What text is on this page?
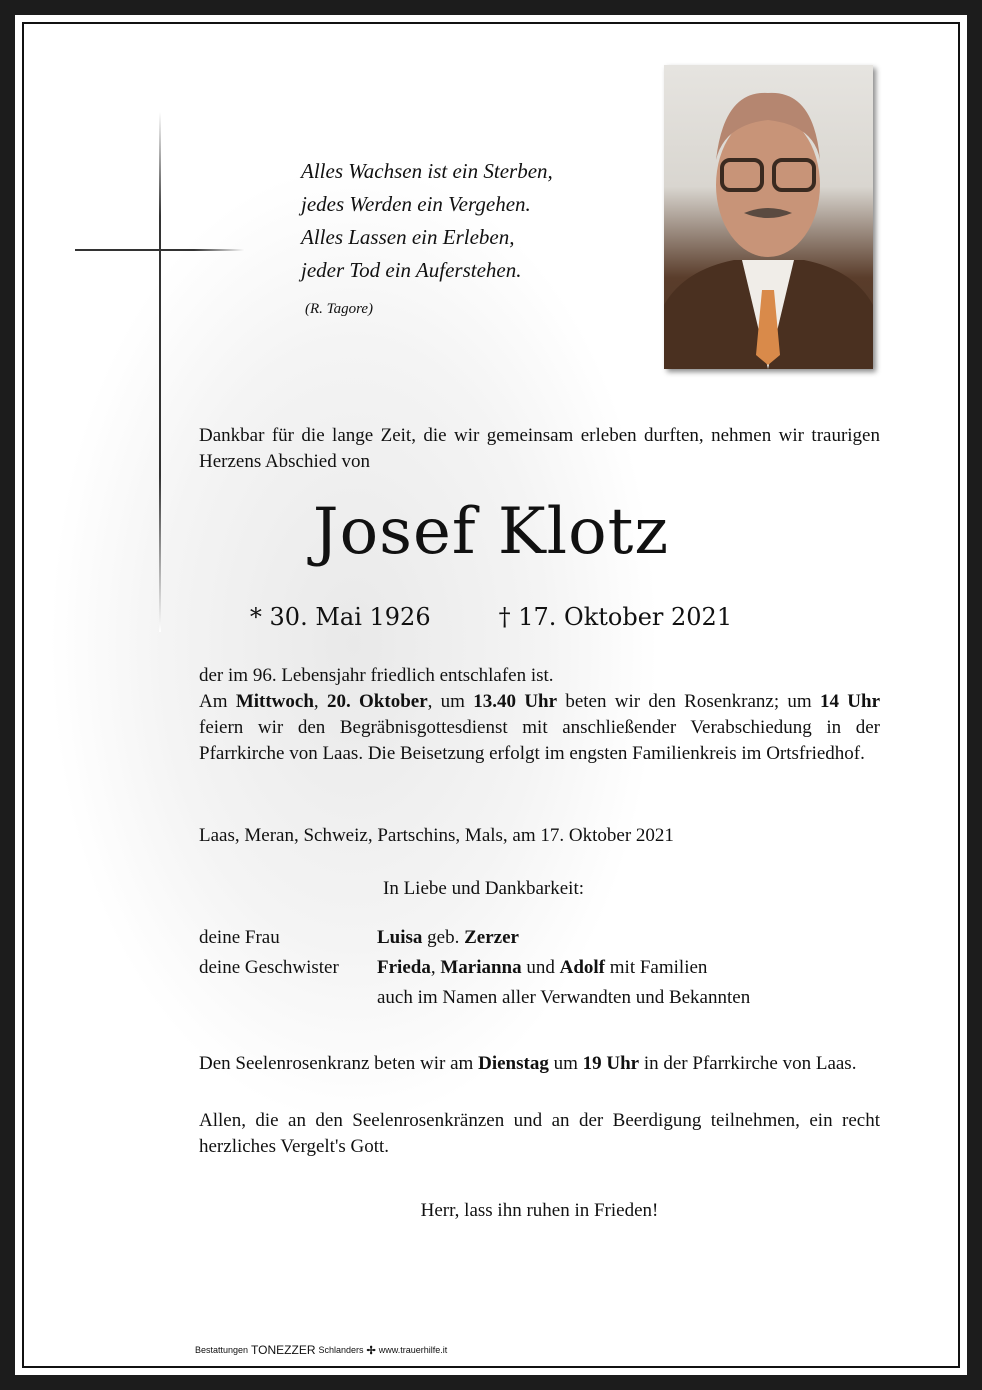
Alles Wachsen ist ein Sterben,
jedes Werden ein Vergehen.
Alles Lassen ein Erleben,
jeder Tod ein Auferstehen.
(R. Tagore)
Dankbar für die lange Zeit, die wir gemeinsam erleben durften, nehmen wir traurigen Herzens Abschied von
Josef Klotz
* 30. Mai 1926	† 17. Oktober 2021
der im 96. Lebensjahr friedlich entschlafen ist.
Am Mittwoch, 20. Oktober, um 13.40 Uhr beten wir den Rosenkranz; um 14 Uhr feiern wir den Begräbnisgottesdienst mit anschließender Verabschiedung in der Pfarrkirche von Laas. Die Beisetzung erfolgt im engsten Familienkreis im Ortsfriedhof.
Laas, Meran, Schweiz, Partschins, Mals, am 17. Oktober 2021
In Liebe und Dankbarkeit:
deine Frau	Luisa geb. Zerzer
deine Geschwister	Frieda, Marianna und Adolf mit Familien
	auch im Namen aller Verwandten und Bekannten
Den Seelenrosenkranz beten wir am Dienstag um 19 Uhr in der Pfarrkirche von Laas.
Allen, die an den Seelenrosenkränzen und an der Beerdigung teilnehmen, ein recht herzliches Vergelt's Gott.
Herr, lass ihn ruhen in Frieden!
Bestattungen TONEZZER Schlanders ✢ www.trauerhilfe.it
